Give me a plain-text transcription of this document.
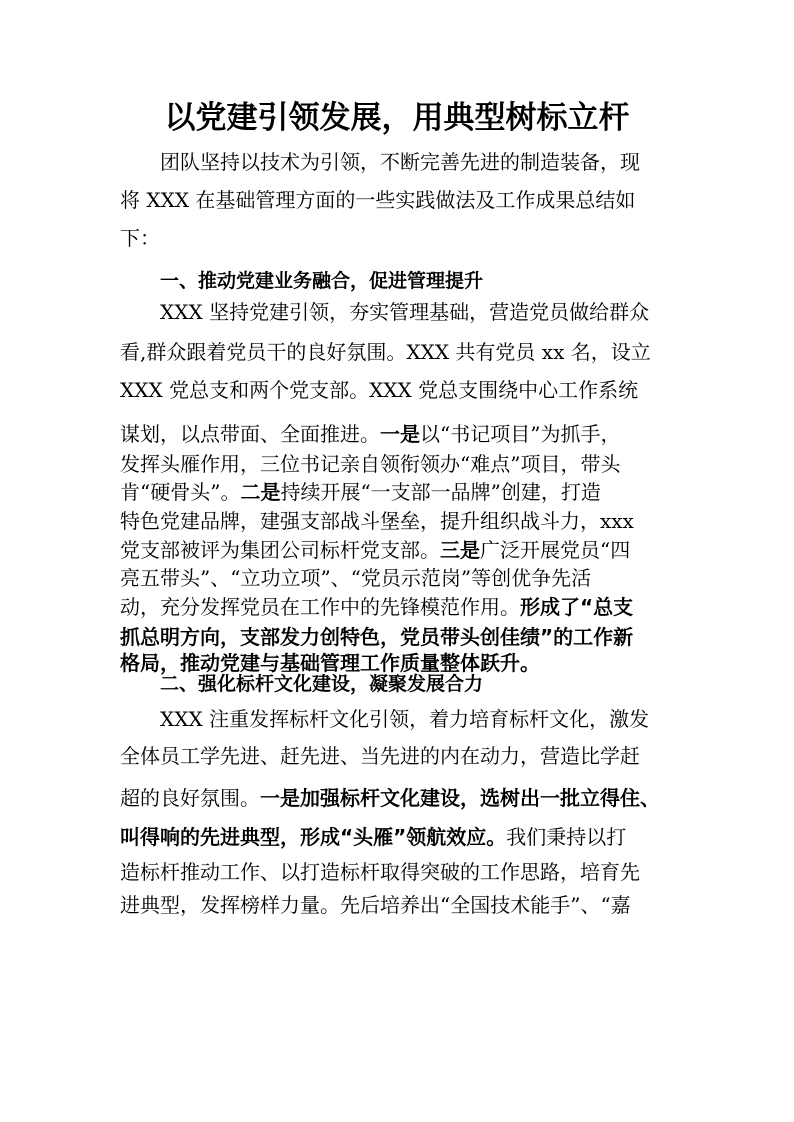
以党建引领发展，用典型树标立杆

团队坚持以技术为引领，不断完善先进的制造装备，现

将 XXX 在基础管理方面的一些实践做法及工作成果总结如

下：

一、推动党建业务融合，促进管理提升

XXX 坚持党建引领，夯实管理基础，营造党员做给群众

看,群众跟着党员干的良好氛围。XXX 共有党员 xx 名，设立

XXX 党总支和两个党支部。XXX 党总支围绕中心工作系统

谋划，以点带面、全面推进。一是以“书记项目”为抓手，

发挥头雁作用，三位书记亲自领衔领办“难点”项目，带头

肯“硬骨头”。二是持续开展“一支部一品牌”创建，打造

特色党建品牌，建强支部战斗堡垒，提升组织战斗力，xxx

党支部被评为集团公司标杆党支部。三是广泛开展党员“四

亮五带头”、“立功立项”、“党员示范岗”等创优争先活

动，充分发挥党员在工作中的先锋模范作用。形成了“总支

抓总明方向，支部发力创特色，党员带头创佳绩”的工作新

格局，推动党建与基础管理工作质量整体跃升。

二、强化标杆文化建设，凝聚发展合力

XXX 注重发挥标杆文化引领，着力培育标杆文化，激发

全体员工学先进、赶先进、当先进的内在动力，营造比学赶

超的良好氛围。一是加强标杆文化建设，选树出一批立得住、

叫得响的先进典型，形成“头雁”领航效应。我们秉持以打

造标杆推动工作、以打造标杆取得突破的工作思路，培育先

进典型，发挥榜样力量。先后培养出“全国技术能手”、“嘉
